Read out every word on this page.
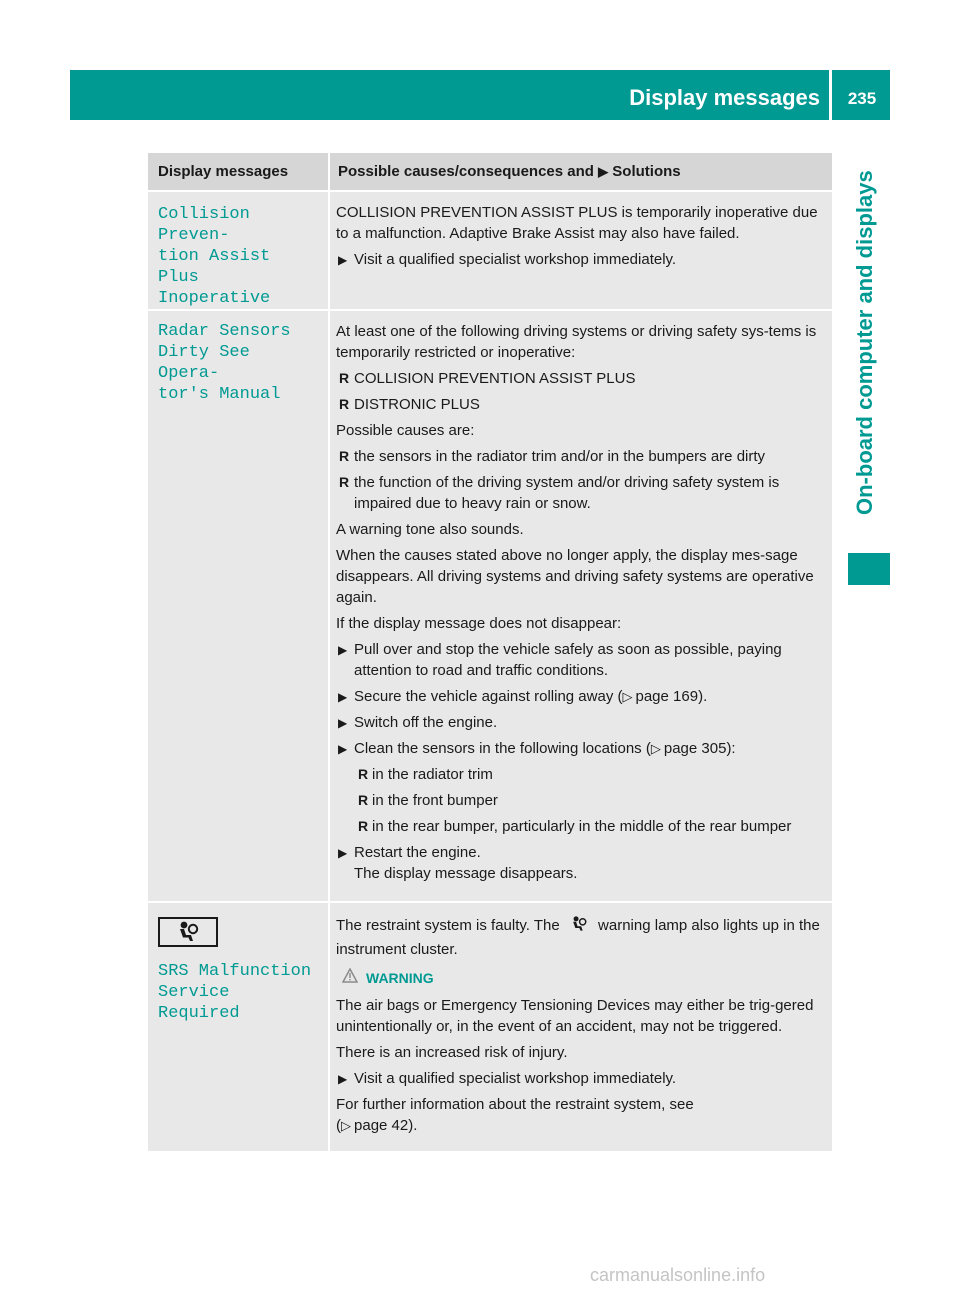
Display messages	235
On-board computer and displays
Display messages	Possible causes/consequences and ▶ Solutions
Collision Preven‐
tion Assist Plus
Inoperative
COLLISION PREVENTION ASSIST PLUS is temporarily inoperative due to a malfunction. Adaptive Brake Assist may also have failed.
▶ Visit a qualified specialist workshop immediately.
Radar Sensors
Dirty See Opera‐
tor's Manual
At least one of the following driving systems or driving safety sys-tems is temporarily restricted or inoperative:
R COLLISION PREVENTION ASSIST PLUS
R DISTRONIC PLUS
Possible causes are:
R the sensors in the radiator trim and/or in the bumpers are dirty
R the function of the driving system and/or driving safety system is impaired due to heavy rain or snow.
A warning tone also sounds.
When the causes stated above no longer apply, the display mes-sage disappears. All driving systems and driving safety systems are operative again.
If the display message does not disappear:
▶ Pull over and stop the vehicle safely as soon as possible, paying attention to road and traffic conditions.
▶ Secure the vehicle against rolling away (▷  page 169).
▶ Switch off the engine.
▶ Clean the sensors in the following locations (▷  page 305):
R in the radiator trim
R in the front bumper
R in the rear bumper, particularly in the middle of the rear bumper
▶ Restart the engine.
The display message disappears.
SRS Malfunction
Service Required
The restraint system is faulty. The	warning lamp also lights up in the instrument cluster.
WARNING
The air bags or Emergency Tensioning Devices may either be trig-gered unintentionally or, in the event of an accident, may not be triggered.
There is an increased risk of injury.
▶ Visit a qualified specialist workshop immediately.
For further information about the restraint system, see
(▷  page 42).
carmanualsonline.info
